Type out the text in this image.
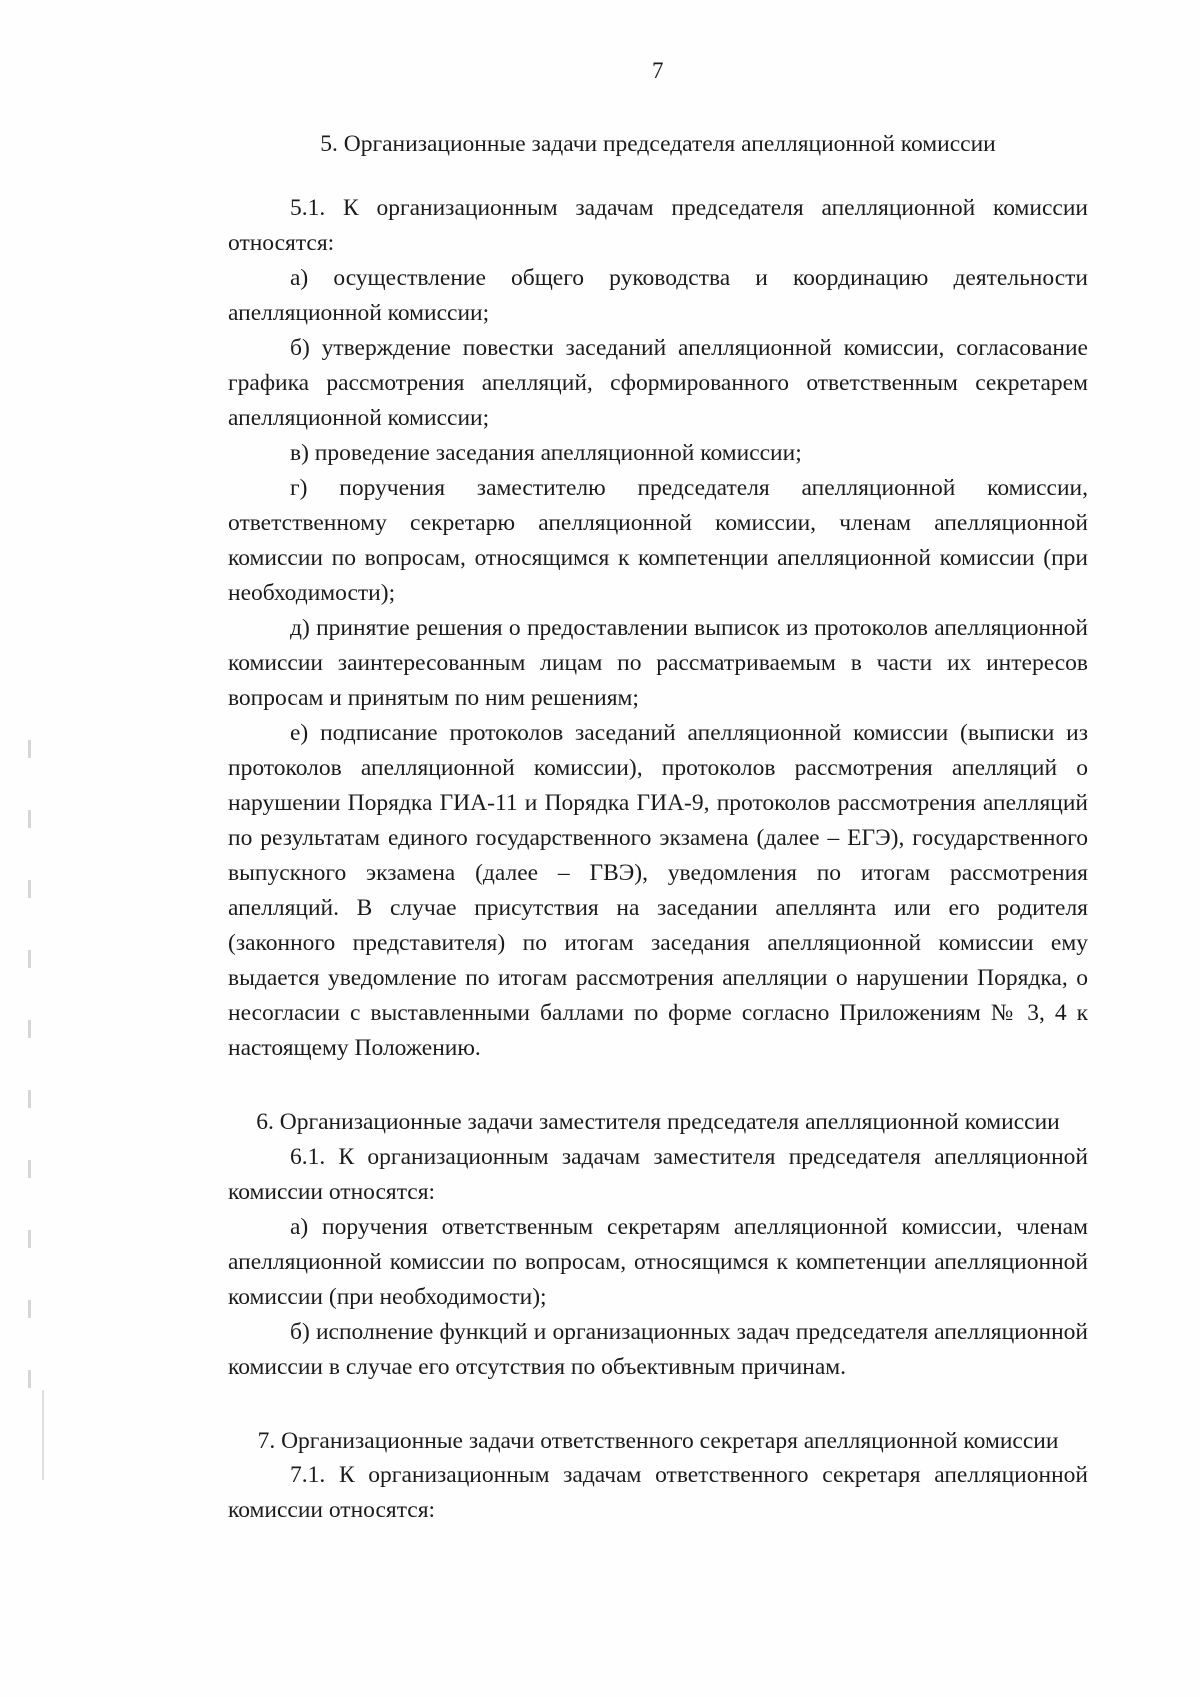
7
5. Организационные задачи председателя апелляционной комиссии

5.1. К организационным задачам председателя апелляционной комиссии относятся:

а) осуществление общего руководства и координацию деятельности апелляционной комиссии;

б) утверждение повестки заседаний апелляционной комиссии, согласование графика рассмотрения апелляций, сформированного ответственным секретарем апелляционной комиссии;

в) проведение заседания апелляционной комиссии;

г) поручения заместителю председателя апелляционной комиссии, ответственному секретарю апелляционной комиссии, членам апелляционной комиссии по вопросам, относящимся к компетенции апелляционной комиссии (при необходимости);

д) принятие решения о предоставлении выписок из протоколов апелляционной комиссии заинтересованным лицам по рассматриваемым в части их интересов вопросам и принятым по ним решениям;

е) подписание протоколов заседаний апелляционной комиссии (выписки из протоколов апелляционной комиссии), протоколов рассмотрения апелляций о нарушении Порядка ГИА-11 и Порядка ГИА-9, протоколов рассмотрения апелляций по результатам единого государственного экзамена (далее – ЕГЭ), государственного выпускного экзамена (далее – ГВЭ), уведомления по итогам рассмотрения апелляций. В случае присутствия на заседании апеллянта или его родителя (законного представителя) по итогам заседания апелляционной комиссии ему выдается уведомление по итогам рассмотрения апелляции о нарушении Порядка, о несогласии с выставленными баллами по форме согласно Приложениям № 3, 4 к настоящему Положению.

6. Организационные задачи заместителя председателя апелляционной комиссии

6.1. К организационным задачам заместителя председателя апелляционной комиссии относятся:

а) поручения ответственным секретарям апелляционной комиссии, членам апелляционной комиссии по вопросам, относящимся к компетенции апелляционной комиссии (при необходимости);

б) исполнение функций и организационных задач председателя апелляционной комиссии в случае его отсутствия по объективным причинам.

7. Организационные задачи ответственного секретаря апелляционной комиссии

7.1. К организационным задачам ответственного секретаря апелляционной комиссии относятся:
